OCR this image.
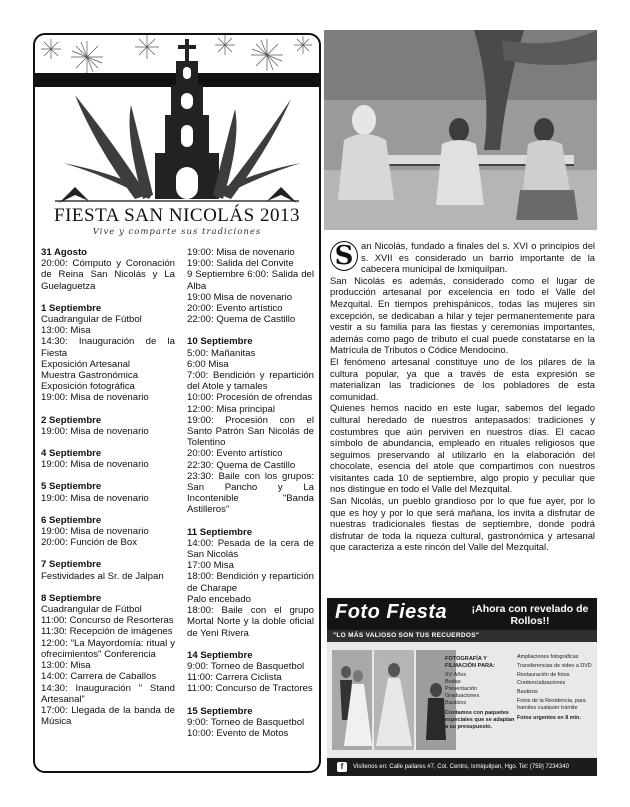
FIESTA SAN NICOLÁS 2013
Vive y comparte sus tradiciones
31 Agosto
20:00: Cómputo y Coronación de Reina San Nicolás y La Guelaguetza
1 Septiembre
Cuadrangular de Fútbol
13:00: Misa
14:30: Inauguración de la Fiesta
Exposición Artesanal
Muestra Gastronómica
Exposición fotográfica
19:00: Misa de novenario
2 Septiembre
19:00: Misa de novenario
4 Septiembre
19:00: Misa de novenario
5 Septiembre
19:00: Misa de novenario
6 Septiembre
19:00: Misa de novenario
20:00: Función de Box
7 Septiembre
Festividades al Sr. de Jalpan
8 Septiembre
Cuadrangular de Fútbol
11:00: Concurso de Resorteras
11:30: Recepción de imágenes
12:00: "La Mayordomía: ritual y ofrecimientos" Conferencia
13:00: Misa
14:00: Carrera de Caballos
14:30: Inauguración " Stand Artesanal"
17:00: Llegada de la banda de Música
19:00: Misa de novenario
19:00: Salida del Convite
9 Septiembre 6:00: Salida del Alba
19:00 Misa de novenario
20:00: Evento artístico
22:00: Quema de Castillo
10 Septiembre
5:00: Mañanitas
6:00 Misa
7:00: Bendición y repartición del Atole y tamales
10:00: Procesión de ofrendas
12:00: Misa principal
19:00: Procesión con el Santo Patrón San Nicolás de Tolentino
20:00: Evento artístico
22:30: Quema de Castillo
23:30: Baile con los grupos: San Pancho y La Incontenible "Banda Astilleros"
11 Septiembre
14:00: Pesada de la cera de San Nicolás
17:00 Misa
18:00: Bendición y repartición de Charape
Palo encebado
18:00: Baile con el grupo Mortal Norte y la doble oficial de Yeni Rivera
14 Septiembre
9:00: Torneo de Basquetbol
11:00: Carrera Ciclista
11:00: Concurso de Tractores
15 Septiembre
9:00: Torneo de Basquetbol
10:00: Evento de Motos

S an Nicolás, fundado a finales del s. XVI o principios del s. XVII es considerado un barrio importante de la cabecera municipal de Ixmiquilpan.

San Nicolás es además, considerado como el lugar de producción artesanal por excelencia en todo el Valle del Mezquital. En tiempos prehispánicos, todas las mujeres sin excepción, se dedicaban a hilar y tejer permanentemente para vestir a su familia para las fiestas y ceremonias importantes, además como pago de tributo el cual puede constatarse en la Matrícula de Tributos o Códice Mendocino.

El fenómeno artesanal constituye uno de los pilares de la cultura popular, ya que a través de esta expresión se materializan las tradiciones de los pobladores de esta comunidad.

Quienes hemos nacido en este lugar, sabemos del legado cultural heredado de nuestros antepasados: tradiciones y costumbres que aún perviven en nuestros días. El cacao símbolo de abundancia, empleado en rituales religiosos que seguimos preservando al utilizarlo en la elaboración del chocolate, esencia del atole que compartimos con nuestros visitantes cada 10 de septiembre, algo propio y peculiar que nos distingue en todo el Valle del Mezquital.

San Nicolás, un pueblo grandioso por lo que fue ayer, por lo que es hoy y por lo que será mañana, los invita a disfrutar de nuestras tradicionales fiestas de septiembre, donde podrá disfrutar de toda la riqueza cultural, gastronómica y artesanal que caracteriza a este rincón del Valle del Mezquital.

Foto Fiesta ¡Ahora con revelado de Rollos!!
"LO MÁS VALIOSO SON TUS RECUERDOS"
FOTOGRAFÍA Y FILMACIÓN PARA:
XV Años
Bodas
Presentación
Graduaciones
Bautizos
Contamos con paquetes especiales que se adaptan a su presupuesto.
Ampliaciones fotográficas
Transferencias de video a DVD
Restauración de fotos
Credencializaciones
Bautizos
Fotos de la Residencia, para tramites cualquier trámite
Fotos urgentes en 8 min.
f	Visítenos en: Calle pailares #7, Col. Centro, Ixmiquilpan, Hgo. Tel: (759) 7234340
